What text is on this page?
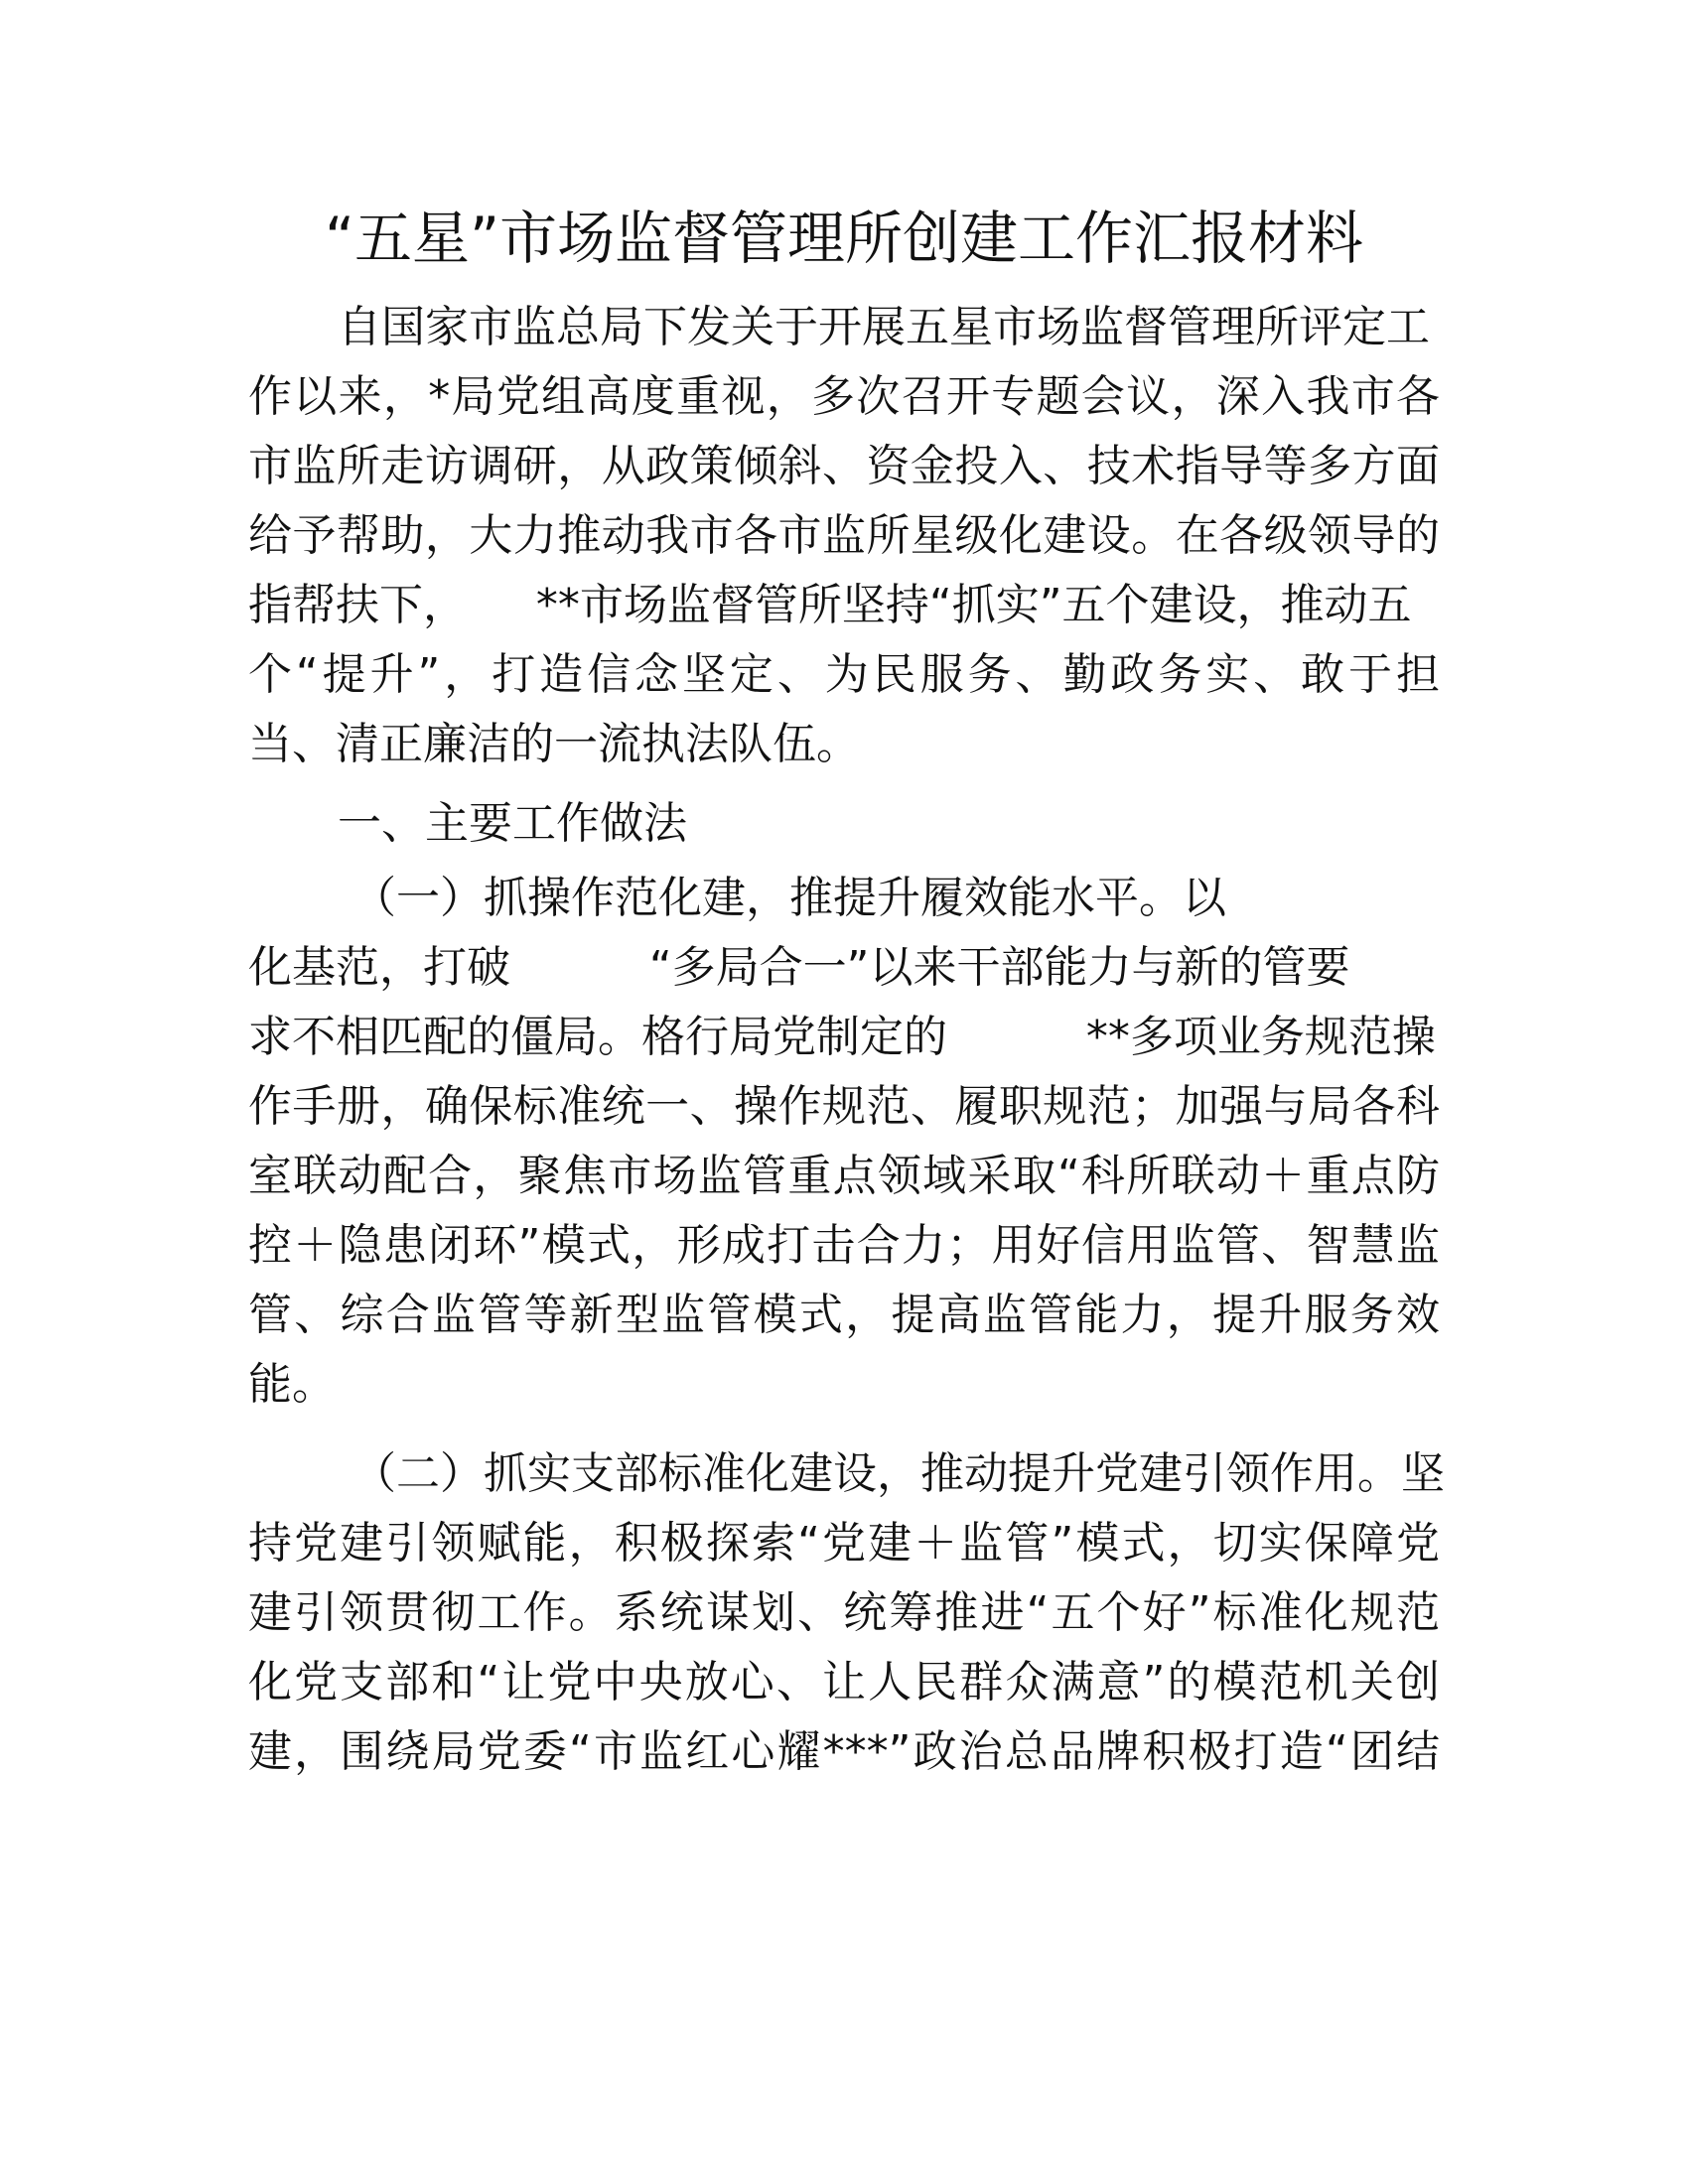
“五星”市场监督管理所创建工作汇报材料

自国家市监总局下发关于开展五星市场监督管理所评定工

作以来，*局党组高度重视，多次召开专题会议，深入我市各

市监所走访调研，从政策倾斜、资金投入、技术指导等多方面

给予帮助，大力推动我市各市监所星级化建设。在各级领导的

指帮扶下，     **市场监督管所坚持“抓实”五个建设，推动五

个“提升”，打造信念坚定、为民服务、勤政务实、敢于担

当、清正廉洁的一流执法队伍。

一、主要工作做法

（一）抓操作范化建，推提升履效能水平。以

化基范，打破          “多局合一”以来干部能力与新的管要

求不相匹配的僵局。格行局党制定的          **多项业务规范操

作手册，确保标准统一、操作规范、履职规范；加强与局各科

室联动配合，聚焦市场监管重点领域采取“科所联动＋重点防

控＋隐患闭环”模式，形成打击合力；用好信用监管、智慧监

管、综合监管等新型监管模式，提高监管能力，提升服务效

能。

（二）抓实支部标准化建设，推动提升党建引领作用。坚

持党建引领赋能，积极探索“党建＋监管”模式，切实保障党

建引领贯彻工作。系统谋划、统筹推进“五个好”标准化规范

化党支部和“让党中央放心、让人民群众满意”的模范机关创

建，围绕局党委“市监红心耀***”政治总品牌积极打造“团结
